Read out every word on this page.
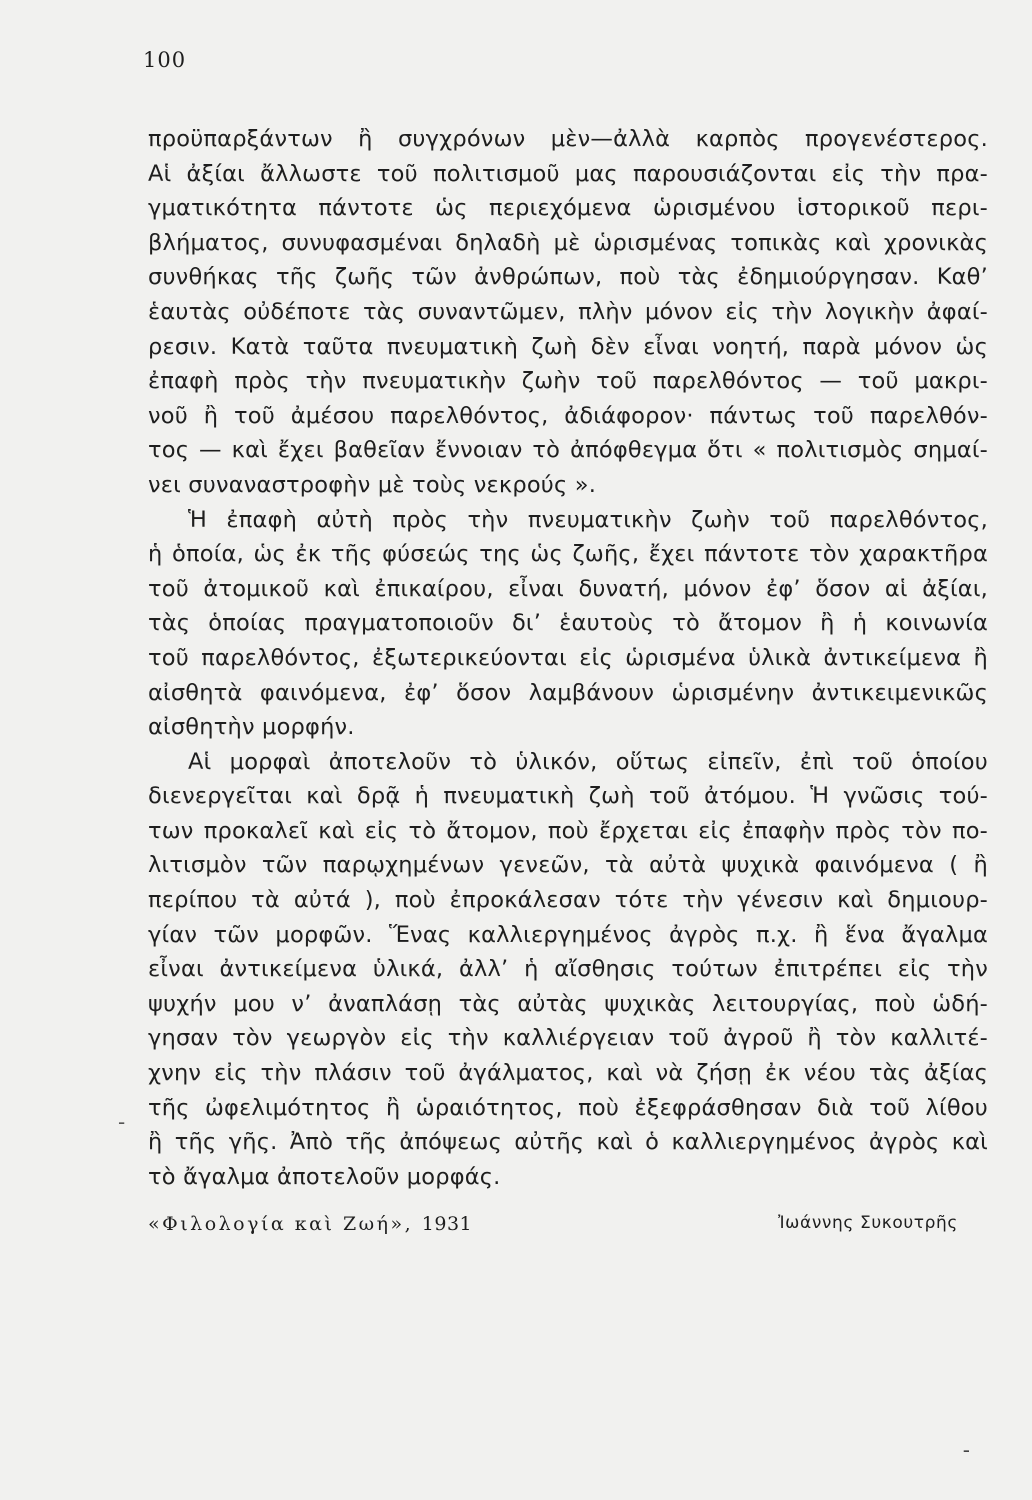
100
προϋπαρξάντων ἢ συγχρόνων μὲν—ἀλλὰ καρπὸς προγενέστερος.
Αἱ ἀξίαι ἄλλωστε τοῦ πολιτισμοῦ μας παρουσιάζονται εἰς τὴν πρα-
γματικότητα πάντοτε ὡς περιεχόμενα ὡρισμένου ἱστορικοῦ περι-
βλήματος, συνυφασμέναι δηλαδὴ μὲ ὡρισμένας τοπικὰς καὶ χρονικὰς
συνθήκας τῆς ζωῆς τῶν ἀνθρώπων, ποὺ τὰς ἐδημιούργησαν. Καθ’
ἑαυτὰς οὐδέποτε τὰς συναντῶμεν, πλὴν μόνον εἰς τὴν λογικὴν ἀφαί-
ρεσιν. Κατὰ ταῦτα πνευματικὴ ζωὴ δὲν εἶναι νοητή, παρὰ μόνον ὡς
ἐπαφὴ πρὸς τὴν πνευματικὴν ζωὴν τοῦ παρελθόντος — τοῦ μακρι-
νοῦ ἢ τοῦ ἀμέσου παρελθόντος, ἀδιάφορον· πάντως τοῦ παρελθόν-
τος — καὶ ἔχει βαθεῖαν ἔννοιαν τὸ ἀπόφθεγμα ὅτι « πολιτισμὸς σημαί-
νει συναναστροφὴν μὲ τοὺς νεκρούς ».
Ἡ ἐπαφὴ αὐτὴ πρὸς τὴν πνευματικὴν ζωὴν τοῦ παρελθόντος,
ἡ ὁποία, ὡς ἐκ τῆς φύσεώς της ὡς ζωῆς, ἔχει πάντοτε τὸν χαρακτῆρα
τοῦ ἀτομικοῦ καὶ ἐπικαίρου, εἶναι δυνατή, μόνον ἐφ’ ὅσον αἱ ἀξίαι,
τὰς ὁποίας πραγματοποιοῦν δι’ ἑαυτοὺς τὸ ἄτομον ἢ ἡ κοινωνία
τοῦ παρελθόντος, ἐξωτερικεύονται εἰς ὡρισμένα ὑλικὰ ἀντικείμενα ἢ
αἰσθητὰ φαινόμενα, ἐφ’ ὅσον λαμβάνουν ὡρισμένην ἀντικειμενικῶς
αἰσθητὴν μορφήν.
Αἱ μορφαὶ ἀποτελοῦν τὸ ὑλικόν, οὕτως εἰπεῖν, ἐπὶ τοῦ ὁποίου
διενεργεῖται καὶ δρᾷ ἡ πνευματικὴ ζωὴ τοῦ ἀτόμου. Ἡ γνῶσις τού-
των προκαλεῖ καὶ εἰς τὸ ἄτομον, ποὺ ἔρχεται εἰς ἐπαφὴν πρὸς τὸν πο-
λιτισμὸν τῶν παρῳχημένων γενεῶν, τὰ αὐτὰ ψυχικὰ φαινόμενα ( ἢ
περίπου τὰ αὐτά ), ποὺ ἐπροκάλεσαν τότε τὴν γένεσιν καὶ δημιουρ-
γίαν τῶν μορφῶν. Ἕνας καλλιεργημένος ἀγρὸς π.χ. ἢ ἕνα ἄγαλμα
εἶναι ἀντικείμενα ὑλικά, ἀλλ’ ἡ αἴσθησις τούτων ἐπιτρέπει εἰς τὴν
ψυχήν μου ν’ ἀναπλάσῃ τὰς αὐτὰς ψυχικὰς λειτουργίας, ποὺ ὡδή-
γησαν τὸν γεωργὸν εἰς τὴν καλλιέργειαν τοῦ ἀγροῦ ἢ τὸν καλλιτέ-
χνην εἰς τὴν πλάσιν τοῦ ἀγάλματος, καὶ νὰ ζήσῃ ἐκ νέου τὰς ἀξίας
τῆς ὠφελιμότητος ἢ ὡραιότητος, ποὺ ἐξεφράσθησαν διὰ τοῦ λίθου
ἢ τῆς γῆς. Ἀπὸ τῆς ἀπόψεως αὐτῆς καὶ ὁ καλλιεργημένος ἀγρὸς καὶ
τὸ ἄγαλμα ἀποτελοῦν μορφάς.
«Φιλολογία καὶ Ζωή», 1931	Ἰωάννης Συκουτρῆς
-
-
